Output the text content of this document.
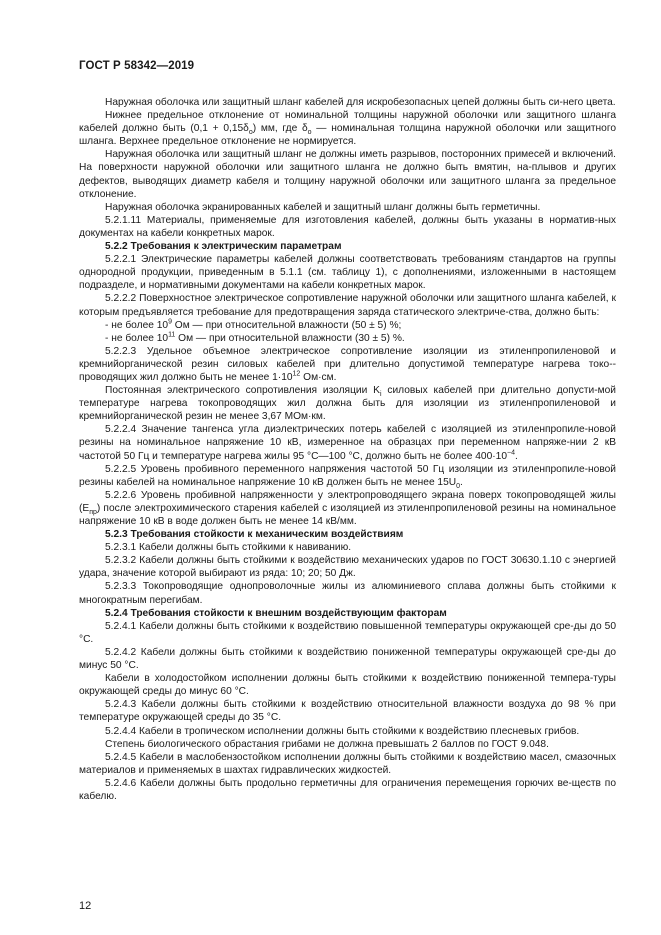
ГОСТ Р 58342—2019

Наружная оболочка или защитный шланг кабелей для искробезопасных цепей должны быть си-него цвета.

Нижнее предельное отклонение от номинальной толщины наружной оболочки или защитного шланга кабелей должно быть $(0,1 + 0,15\delta_o)$ мм, где $\delta_o$ — номинальная толщина наружной оболочки или защитного шланга. Верхнее предельное отклонение не нормируется.

Наружная оболочка или защитный шланг не должны иметь разрывов, посторонних примесей и включений. На поверхности наружной оболочки или защитного шланга не должно быть вмятин, на-плывов и других дефектов, выводящих диаметр кабеля и толщину наружной оболочки или защитного шланга за предельное отклонение.

Наружная оболочка экранированных кабелей и защитный шланг должны быть герметичны.

5.2.1.11 Материалы, применяемые для изготовления кабелей, должны быть указаны в норматив-ных документах на кабели конкретных марок.

5.2.2 Требования к электрическим параметрам

5.2.2.1 Электрические параметры кабелей должны соответствовать требованиям стандартов на группы однородной продукции, приведенным в 5.1.1 (см. таблицу 1), с дополнениями, изложенными в настоящем подразделе, и нормативными документами на кабели конкретных марок.

5.2.2.2 Поверхностное электрическое сопротивление наружной оболочки или защитного шланга кабелей, к которым предъявляется требование для предотвращения заряда статического электриче-ства, должно быть:

- не более $10^9$ Ом — при относительной влажности (50 ± 5) %;

- не более $10^{11}$ Ом — при относительной влажности (30 ± 5) %.

5.2.2.3 Удельное объемное электрическое сопротивление изоляции из этиленпропиленовой и кремнийорганической резин силовых кабелей при длительно допустимой температуре нагрева токо-проводящих жил должно быть не менее $1\cdot 10^{12}$ Ом·см.

Постоянная электрического сопротивления изоляции $K_i$ силовых кабелей при длительно допусти-мой температуре нагрева токопроводящих жил должна быть для изоляции из этиленпропиленовой и кремнийорганической резин не менее 3,67 МОм·км.

5.2.2.4 Значение тангенса угла диэлектрических потерь кабелей с изоляцией из этиленпропиле-новой резины на номинальное напряжение 10 кВ, измеренное на образцах при переменном напряже-нии 2 кВ частотой 50 Гц и температуре нагрева жилы 95 °С—100 °С, должно быть не более $400\cdot 10^{-4}$.

5.2.2.5 Уровень пробивного переменного напряжения частотой 50 Гц изоляции из этиленпропиле-новой резины кабелей на номинальное напряжение 10 кВ должен быть не менее $15U_0$.

5.2.2.6 Уровень пробивной напряженности у электропроводящего экрана поверх токопроводящей жилы $(E_{пр})$ после электрохимического старения кабелей с изоляцией из этиленпропиленовой резины на номинальное напряжение 10 кВ в воде должен быть не менее 14 кВ/мм.

5.2.3 Требования стойкости к механическим воздействиям

5.2.3.1 Кабели должны быть стойкими к навиванию.

5.2.3.2 Кабели должны быть стойкими к воздействию механических ударов по ГОСТ 30630.1.10 с энергией удара, значение которой выбирают из ряда: 10; 20; 50 Дж.

5.2.3.3 Токопроводящие однопроволочные жилы из алюминиевого сплава должны быть стойкими к многократным перегибам.

5.2.4 Требования стойкости к внешним воздействующим факторам

5.2.4.1 Кабели должны быть стойкими к воздействию повышенной температуры окружающей сре-ды до 50 °С.

5.2.4.2 Кабели должны быть стойкими к воздействию пониженной температуры окружающей сре-ды до минус 50 °С.

Кабели в холодостойком исполнении должны быть стойкими к воздействию пониженной темпера-туры окружающей среды до минус 60 °С.

5.2.4.3 Кабели должны быть стойкими к воздействию относительной влажности воздуха до 98 % при температуре окружающей среды до 35 °С.

5.2.4.4 Кабели в тропическом исполнении должны быть стойкими к воздействию плесневых грибов.

Степень биологического обрастания грибами не должна превышать 2 баллов по ГОСТ 9.048.

5.2.4.5 Кабели в маслобензостойком исполнении должны быть стойкими к воздействию масел, смазочных материалов и применяемых в шахтах гидравлических жидкостей.

5.2.4.6 Кабели должны быть продольно герметичны для ограничения перемещения горючих ве-ществ по кабелю.

12
